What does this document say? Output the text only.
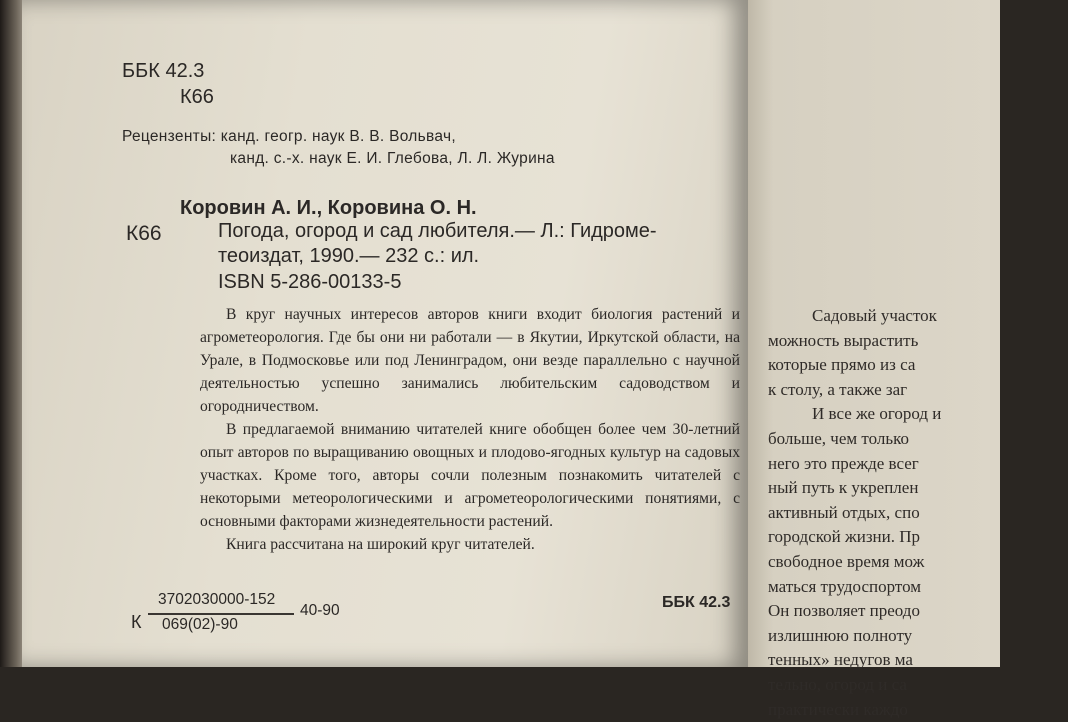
ББК 42.3
К66
Рецензенты: канд. геогр. наук В. В. Вольвач,
канд. с.-х. наук Е. И. Глебова, Л. Л. Журина
Коровин А. И., Коровина О. Н.
К66	Погода, огород и сад любителя.— Л.: Гидроме-
теоиздат, 1990.— 232 с.: ил.
ISBN 5-286-00133-5

В круг научных интересов авторов книги входит биология растений и агрометеорология. Где бы они ни работали — в Якутии, Иркутской области, на Урале, в Подмосковье или под Ленинградом, они везде параллельно с научной деятельностью успешно занимались любительским садоводством и огородничеством.

В предлагаемой вниманию читателей книге обобщен более чем 30-летний опыт авторов по выращиванию овощных и плодово-ягодных культур на садовых участках. Кроме того, авторы сочли полезным познакомить читателей с некоторыми метеорологическими и агрометеорологическими понятиями, с основными факторами жизнедеятельности растений.

Книга рассчитана на широкий круг читателей.

К
3702030000-152
069(02)-90
40-90	ББК 42.3
Садовый участок
можность вырастить
которые прямо из са
к столу, а также заг
И все же огород и
больше, чем только
него это прежде всег
ный путь к укреплен
активный отдых, спо
городской жизни. Пр
свободное время мож
маться трудоспортом
Он позволяет преодо
излишнюю полноту
тенных» недугов ма
тельно, огород и са
практически каждо
